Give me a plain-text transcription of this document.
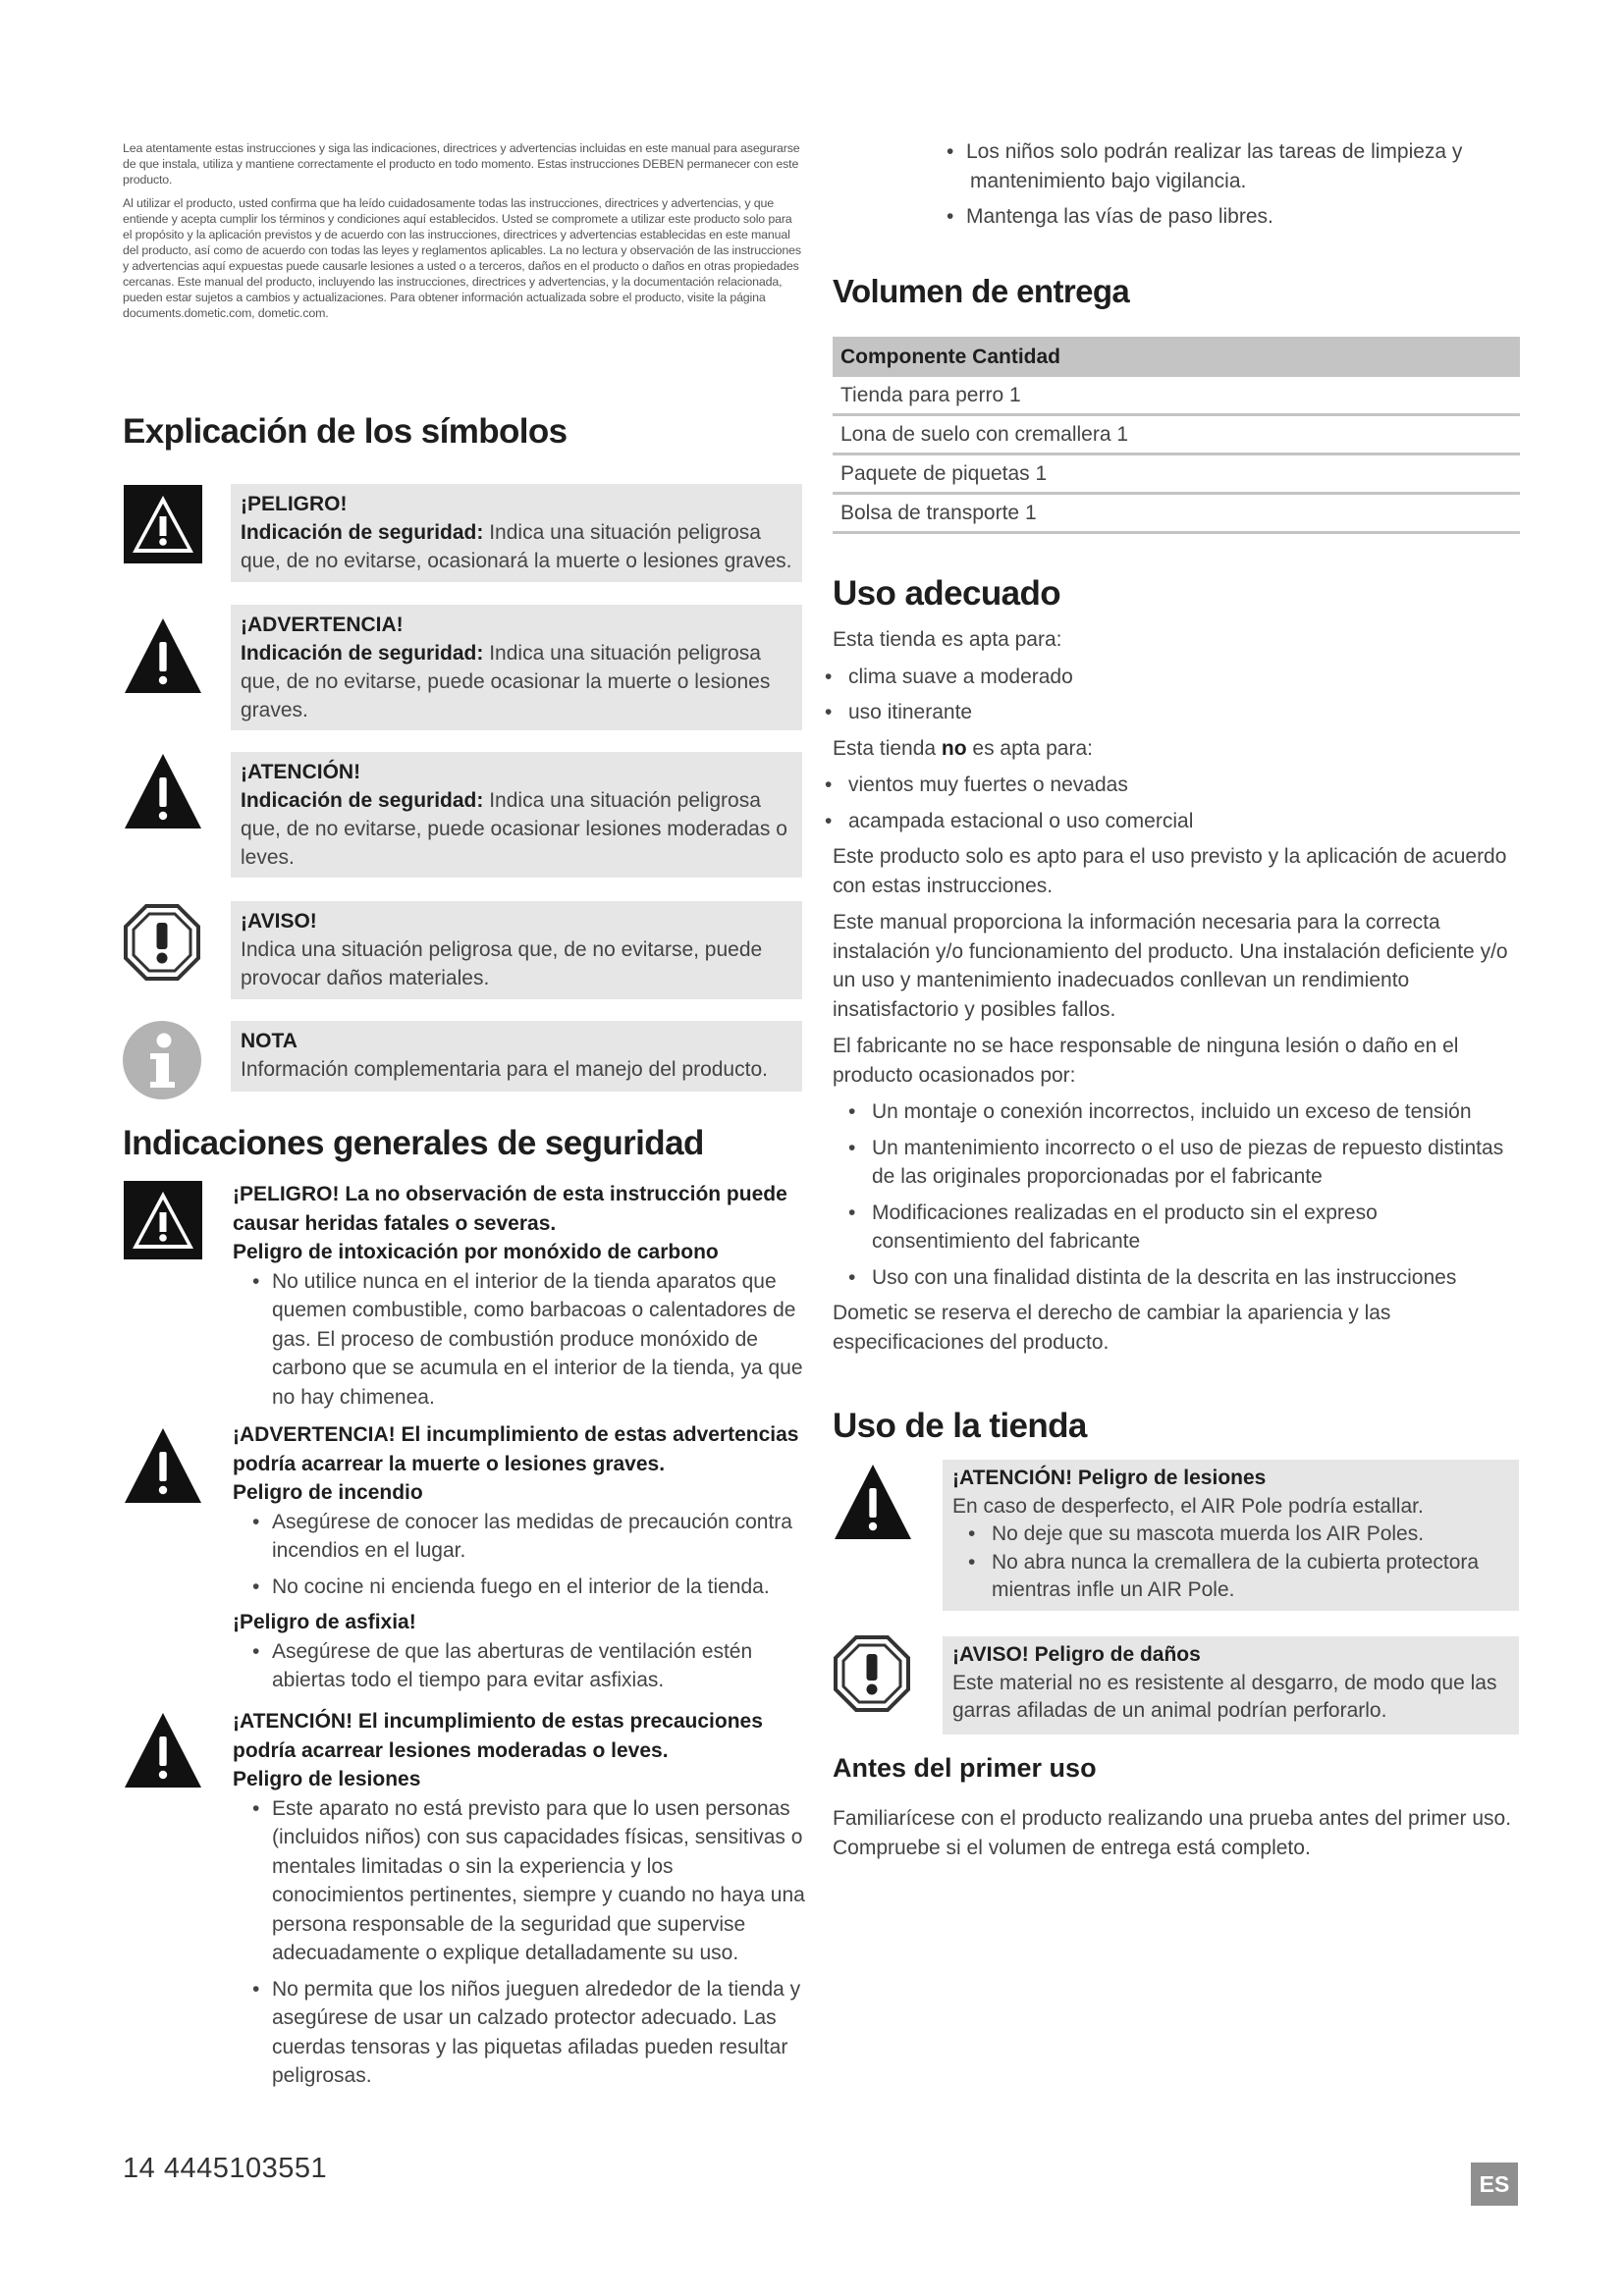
Lea atentamente estas instrucciones y siga las indicaciones, directrices y advertencias incluidas en este manual para asegurarse de que instala, utiliza y mantiene correctamente el producto en todo momento. Estas instrucciones DEBEN permanecer con este producto.

Al utilizar el producto, usted confirma que ha leído cuidadosamente todas las instrucciones, directrices y advertencias, y que entiende y acepta cumplir los términos y condiciones aquí establecidos. Usted se compromete a utilizar este producto solo para el propósito y la aplicación previstos y de acuerdo con las instrucciones, directrices y advertencias establecidas en este manual del producto, así como de acuerdo con todas las leyes y reglamentos aplicables. La no lectura y observación de las instrucciones y advertencias aquí expuestas puede causarle lesiones a usted o a terceros, daños en el producto o daños en otras propiedades cercanas. Este manual del producto, incluyendo las instrucciones, directrices y advertencias, y la documentación relacionada, pueden estar sujetos a cambios y actualizaciones. Para obtener información actualizada sobre el producto, visite la página documents.dometic.com, dometic.com.

Explicación de los símbolos
¡PELIGRO!
Indicación de seguridad: Indica una situación peligrosa que, de no evitarse, ocasionará la muerte o lesiones graves.
¡ADVERTENCIA!
Indicación de seguridad: Indica una situación peligrosa que, de no evitarse, puede ocasionar la muerte o lesiones graves.
¡ATENCIÓN!
Indicación de seguridad: Indica una situación peligrosa que, de no evitarse, puede ocasionar lesiones moderadas o leves.
¡AVISO!
Indica una situación peligrosa que, de no evitarse, puede provocar daños materiales.
NOTA
Información complementaria para el manejo del producto.
Indicaciones generales de seguridad
¡PELIGRO! La no observación de esta instrucción puede causar heridas fatales o severas.
Peligro de intoxicación por monóxido de carbono
• No utilice nunca en el interior de la tienda aparatos que quemen combustible, como barbacoas o calentadores de gas. El proceso de combustión produce monóxido de carbono que se acumula en el interior de la tienda, ya que no hay chimenea.
¡ADVERTENCIA! El incumplimiento de estas advertencias podría acarrear la muerte o lesiones graves.
Peligro de incendio
• Asegúrese de conocer las medidas de precaución contra incendios en el lugar.
• No cocine ni encienda fuego en el interior de la tienda.
¡Peligro de asfixia!
• Asegúrese de que las aberturas de ventilación estén abiertas todo el tiempo para evitar asfixias.
¡ATENCIÓN! El incumplimiento de estas precauciones podría acarrear lesiones moderadas o leves.
Peligro de lesiones
• Este aparato no está previsto para que lo usen personas (incluidos niños) con sus capacidades físicas, sensitivas o mentales limitadas o sin la experiencia y los conocimientos pertinentes, siempre y cuando no haya una persona responsable de la seguridad que supervise adecuadamente o explique detalladamente su uso.
• No permita que los niños jueguen alrededor de la tienda y asegúrese de usar un calzado protector adecuado. Las cuerdas tensoras y las piquetas afiladas pueden resultar peligrosas.
• Los niños solo podrán realizar las tareas de limpieza y mantenimiento bajo vigilancia.
• Mantenga las vías de paso libres.
Volumen de entrega
Componente Cantidad
Tienda para perro 1
Lona de suelo con cremallera 1
Paquete de piquetas 1
Bolsa de transporte 1
Uso adecuado

Esta tienda es apta para:

• clima suave a moderado
• uso itinerante

Esta tienda no es apta para:

• vientos muy fuertes o nevadas
• acampada estacional o uso comercial

Este producto solo es apto para el uso previsto y la aplicación de acuerdo con estas instrucciones.

Este manual proporciona la información necesaria para la correcta instalación y/o funcionamiento del producto. Una instalación deficiente y/o un uso y mantenimiento inadecuados conllevan un rendimiento insatisfactorio y posibles fallos.

El fabricante no se hace responsable de ninguna lesión o daño en el producto ocasionados por:

• Un montaje o conexión incorrectos, incluido un exceso de tensión
• Un mantenimiento incorrecto o el uso de piezas de repuesto distintas de las originales proporcionadas por el fabricante
• Modificaciones realizadas en el producto sin el expreso consentimiento del fabricante
• Uso con una finalidad distinta de la descrita en las instrucciones

Dometic se reserva el derecho de cambiar la apariencia y las especificaciones del producto.

Uso de la tienda
¡ATENCIÓN! Peligro de lesiones
En caso de desperfecto, el AIR Pole podría estallar.
• No deje que su mascota muerda los AIR Poles.
• No abra nunca la cremallera de la cubierta protectora mientras infle un AIR Pole.
¡AVISO! Peligro de daños
Este material no es resistente al desgarro, de modo que las garras afiladas de un animal podrían perforarlo.
Antes del primer uso
Familiarícese con el producto realizando una prueba antes del primer uso. Compruebe si el volumen de entrega está completo.
14 4445103551	ES
